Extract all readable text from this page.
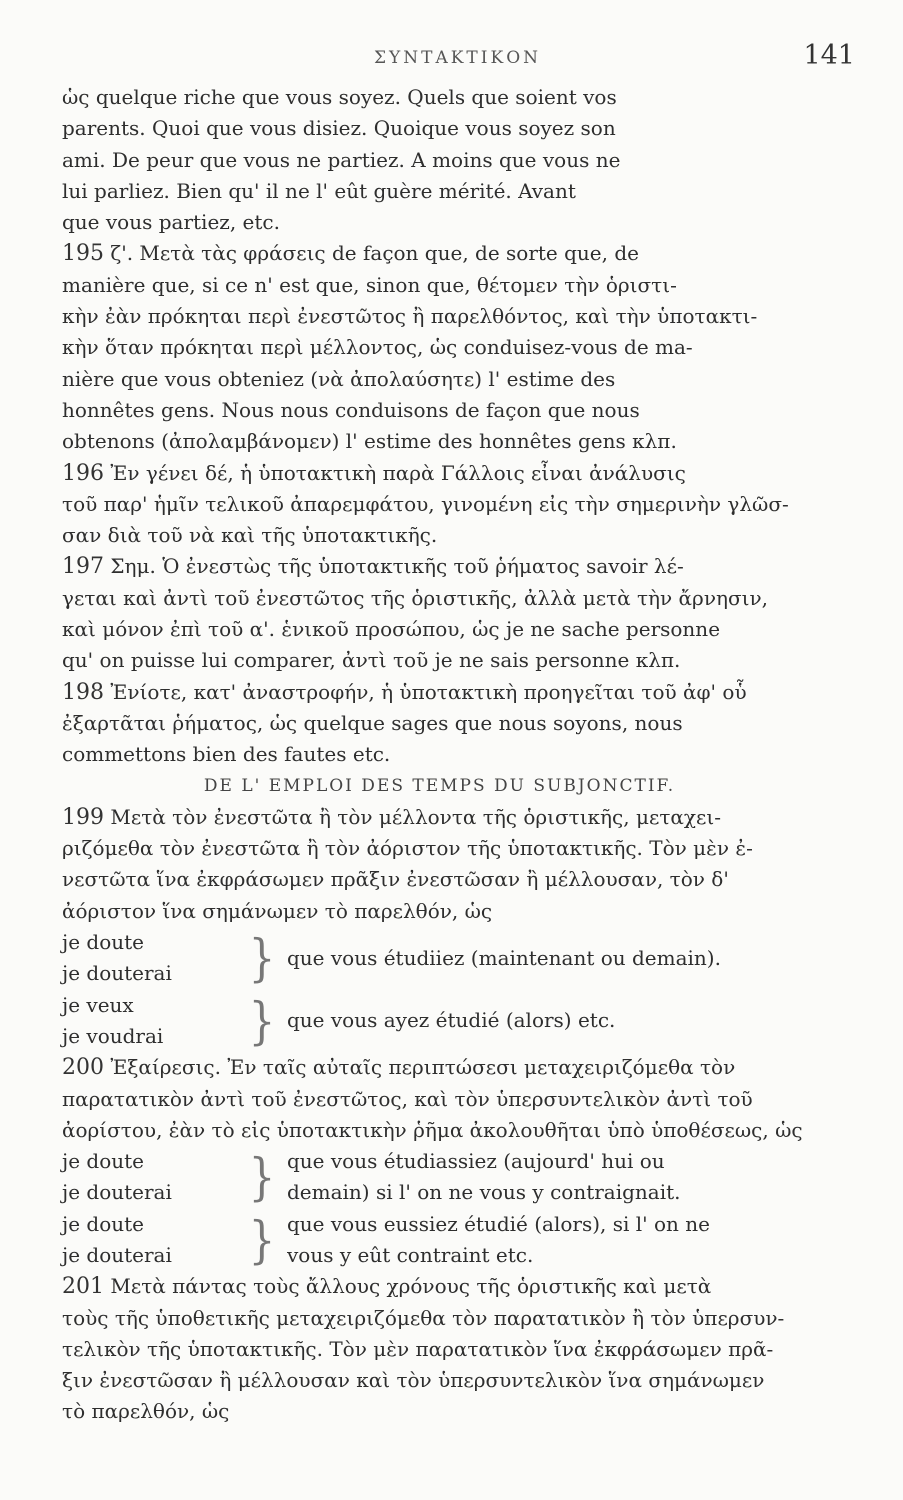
ΣΥΝΤΑΚΤΙΚΟΝ	141
ὡς quelque riche que vous soyez. Quels que soient vos
parents. Quoi que vous disiez. Quoique vous soyez son
ami. De peur que vous ne partiez. A moins que vous ne
lui parliez. Bien qu' il ne l' eût guère mérité. Avant
que vous partiez, etc.
195 ζ'. Μετὰ τὰς φράσεις de façon que, de sorte que, de
manière que, si ce n' est que, sinon que, θέτομεν τὴν ὁριστι-
κὴν ἐὰν πρόκηται περὶ ἐνεστῶτος ἢ παρελθόντος, καὶ τὴν ὑποτακτι-
κὴν ὅταν πρόκηται περὶ μέλλοντος, ὡς conduisez-vous de ma-
nière que vous obteniez (νὰ ἀπολαύσητε) l' estime des
honnêtes gens. Nous nous conduisons de façon que nous
obtenons (ἀπολαμβάνομεν) l' estime des honnêtes gens κλπ.
196 Ἐν γένει δέ, ἡ ὑποτακτικὴ παρὰ Γάλλοις εἶναι ἀνάλυσις
τοῦ παρ' ἡμῖν τελικοῦ ἀπαρεμφάτου, γινομένη εἰς τὴν σημερινὴν γλῶσ-
σαν διὰ τοῦ νὰ καὶ τῆς ὑποτακτικῆς.
197 Σημ. Ὁ ἐνεστὼς τῆς ὑποτακτικῆς τοῦ ῥήματος savoir λέ-
γεται καὶ ἀντὶ τοῦ ἐνεστῶτος τῆς ὁριστικῆς, ἀλλὰ μετὰ τὴν ἄρνησιν,
καὶ μόνον ἐπὶ τοῦ α'. ἑνικοῦ προσώπου, ὡς je ne sache personne
qu' on puisse lui comparer, ἀντὶ τοῦ je ne sais personne κλπ.
198 Ἐνίοτε, κατ' ἀναστροφήν, ἡ ὑποτακτικὴ προηγεῖται τοῦ ἀφ' οὗ
ἐξαρτᾶται ῥήματος, ὡς quelque sages que nous soyons, nous
commettons bien des fautes etc.
DE L' EMPLOI DES TEMPS DU SUBJONCTIF.
199 Μετὰ τὸν ἐνεστῶτα ἢ τὸν μέλλοντα τῆς ὁριστικῆς, μεταχει-
ριζόμεθα τὸν ἐνεστῶτα ἢ τὸν ἀόριστον τῆς ὑποτακτικῆς. Τὸν μὲν ἐ-
νεστῶτα ἵνα ἐκφράσωμεν πρᾶξιν ἐνεστῶσαν ἢ μέλλουσαν, τὸν δ'
ἀόριστον ἵνα σημάνωμεν τὸ παρελθόν, ὡς
je doute
je douterai	} que vous étudiiez (maintenant ou demain).
je veux
je voudrai	} que vous ayez étudié (alors) etc.
200 Ἐξαίρεσις. Ἐν ταῖς αὐταῖς περιπτώσεσι μεταχειριζόμεθα τὸν
παρατατικὸν ἀντὶ τοῦ ἐνεστῶτος, καὶ τὸν ὑπερσυντελικὸν ἀντὶ τοῦ
ἀορίστου, ἐὰν τὸ εἰς ὑποτακτικὴν ῥῆμα ἀκολουθῆται ὑπὸ ὑποθέσεως, ὡς
je doute
je douterai	} que vous étudiassiez (aujourd' hui ou
demain) si l' on ne vous y contraignait.
je doute
je douterai	} que vous eussiez étudié (alors), si l' on ne
vous y eût contraint etc.
201 Μετὰ πάντας τοὺς ἄλλους χρόνους τῆς ὁριστικῆς καὶ μετὰ
τοὺς τῆς ὑποθετικῆς μεταχειριζόμεθα τὸν παρατατικὸν ἢ τὸν ὑπερσυν-
τελικὸν τῆς ὑποτακτικῆς. Τὸν μὲν παρατατικὸν ἵνα ἐκφράσωμεν πρᾶ-
ξιν ἐνεστῶσαν ἢ μέλλουσαν καὶ τὸν ὑπερσυντελικὸν ἵνα σημάνωμεν
τὸ παρελθόν, ὡς
